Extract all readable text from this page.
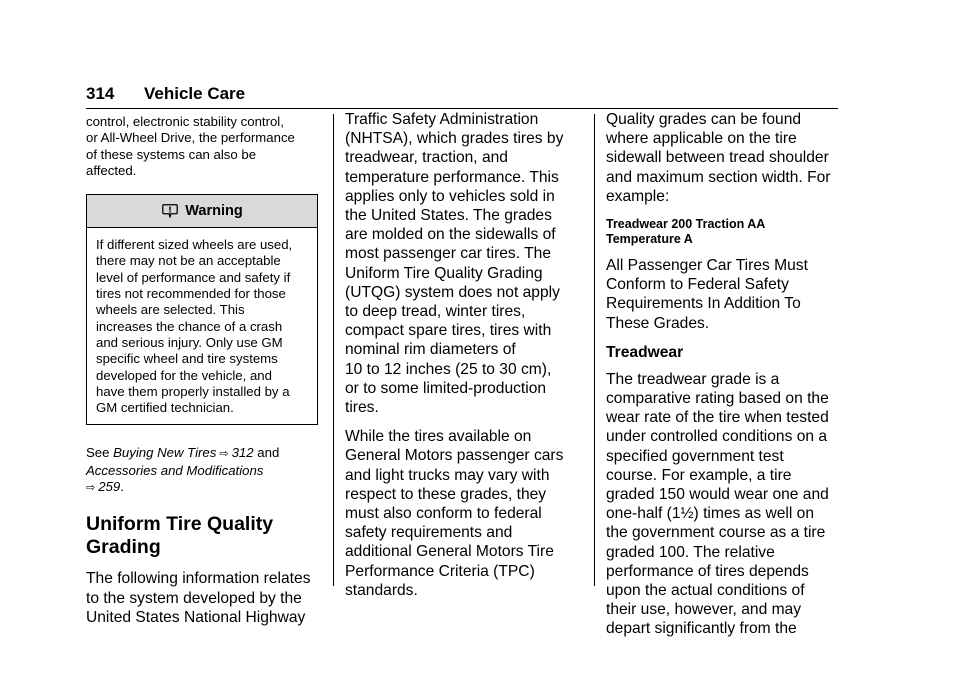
314 Vehicle Care

control, electronic stability control,
or All-Wheel Drive, the performance
of these systems can also be
affected.

Warning
If different sized wheels are used,
there may not be an acceptable
level of performance and safety if
tires not recommended for those
wheels are selected. This
increases the chance of a crash
and serious injury. Only use GM
specific wheel and tire systems
developed for the vehicle, and
have them properly installed by a
GM certified technician.

See Buying New Tires ⇨ 312 and
Accessories and Modifications
⇨ 259.

Uniform Tire Quality
Grading

The following information relates
to the system developed by the
United States National Highway

Traffic Safety Administration
(NHTSA), which grades tires by
treadwear, traction, and
temperature performance. This
applies only to vehicles sold in
the United States. The grades
are molded on the sidewalls of
most passenger car tires. The
Uniform Tire Quality Grading
(UTQG) system does not apply
to deep tread, winter tires,
compact spare tires, tires with
nominal rim diameters of
10 to 12 inches (25 to 30 cm),
or to some limited-production
tires.

While the tires available on
General Motors passenger cars
and light trucks may vary with
respect to these grades, they
must also conform to federal
safety requirements and
additional General Motors Tire
Performance Criteria (TPC)
standards.

Quality grades can be found
where applicable on the tire
sidewall between tread shoulder
and maximum section width. For
example:

Treadwear 200 Traction AA
Temperature A

All Passenger Car Tires Must
Conform to Federal Safety
Requirements In Addition To
These Grades.

Treadwear

The treadwear grade is a
comparative rating based on the
wear rate of the tire when tested
under controlled conditions on a
specified government test
course. For example, a tire
graded 150 would wear one and
one-half (1½) times as well on
the government course as a tire
graded 100. The relative
performance of tires depends
upon the actual conditions of
their use, however, and may
depart significantly from the
